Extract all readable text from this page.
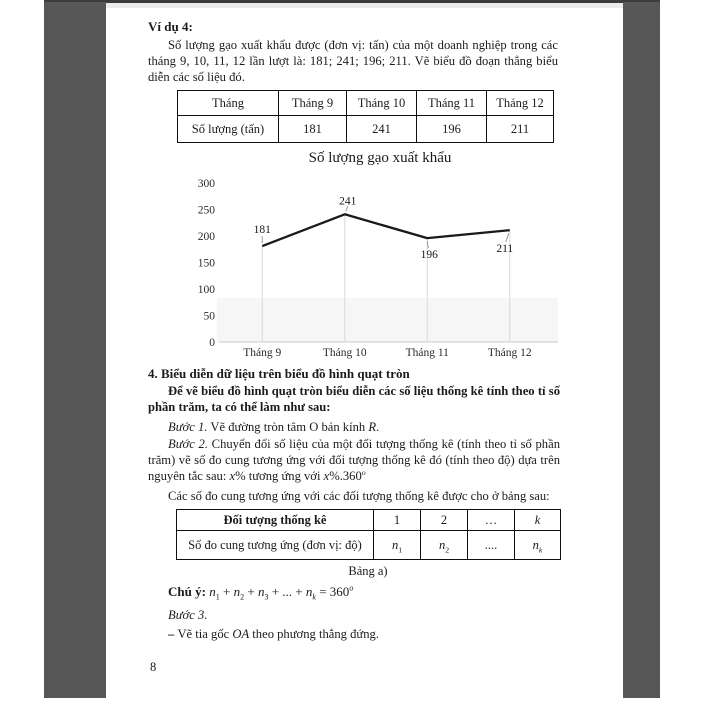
Ví dụ 4:
Số lượng gạo xuất khẩu được (đơn vị: tấn) của một doanh nghiệp trong các tháng 9, 10, 11, 12 lần lượt là: 181; 241; 196; 211. Vẽ biểu đồ đoạn thẳng biểu diễn các số liệu đó.
Tháng	Tháng 9	Tháng 10	Tháng 11	Tháng 12
Số lượng (tấn)	181	241	196	211
Số lượng gạo xuất khẩu
0
50
100
150
200
250
300
Tháng 9	Tháng 10	Tháng 11	Tháng 12
181
241
196	211
4. Biểu diễn dữ liệu trên biểu đồ hình quạt tròn
Để vẽ biểu đồ hình quạt tròn biểu diễn các số liệu thống kê tính theo tỉ số phần trăm, ta có thể làm như sau:
Bước 1. Vẽ đường tròn tâm O bán kính R.
Bước 2. Chuyển đổi số liệu của một đối tượng thống kê (tính theo tỉ số phần trăm) vẽ số đo cung tương ứng với đối tượng thống kê đó (tính theo độ) dựa trên nguyên tắc sau: x% tương ứng với x%.360$^o$
Các số đo cung tương ứng với các đối tượng thống kê được cho ở bảng sau:
Đối tượng thống kê	1	2	…	k
Số đo cung tương ứng (đơn vị: độ)	$n_1$	$n_2$	....	$n_k$
Bảng a)
Chú ý: $n_1 + n_2 + n_3$ + ... + $n_k = 360^o$
Bước 3.
– Vẽ tia gốc OA theo phương thẳng đứng.
8
